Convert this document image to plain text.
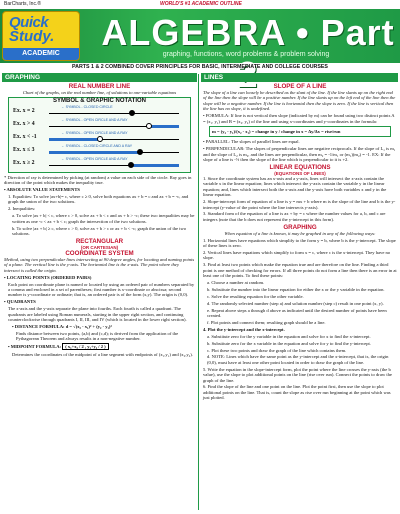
BarCharts, Inc.®	WORLD'S #1 ACADEMIC OUTLINE
Quick
Study.
ACADEMIC
ALGEBRA • Part
graphing, functions, word problems & problem solving
PARTS 1 & 2 COMBINED COVER PRINCIPLES FOR BASIC, INTERMEDIATE AND COLLEGE COURSES
GRAPHING	LINES
REAL NUMBER LINE

Chart of the graphs, on the real number line, of solutions to one-variable equations

SYMBOL & GRAPHIC NOTATION
← SYMBOL - CLOSED CIRCLE
Ex. x = 2
← SYMBOL - OPEN CIRCLE AND A RAY
Ex. x > 4
← SYMBOL - OPEN CIRCLE AND A RAY
Ex. x < -1
← SYMBOL - CLOSED CIRCLE AND A RAY
Ex. x ≤ 3
← SYMBOL - OPEN CIRCLE AND A RAY
Ex. x ≥ 2

* Direction of ray is determined by picking (at random) a value on each side of the circle. Ray goes in direction of the point which makes the inequality true.

• ABSOLUTE VALUE STATEMENTS

1. Equalities: To solve |ax+b|= c, where c ≥ 0, solve both equations ax + b = c and ax + b = -c, and graph the union of the two solutions.

2. Inequalities:

a. To solve |ax + b| < c, where c > 0, solve ax + b < c and ax + b > -c; these two inequalities may be written as one -c < ax + b < c; graph the intersection of the two solutions.

b. To solve |ax + b| ≥ c, where c > 0, solve ax + b > c or ax + b < -c; graph the union of the two solutions.

RECTANGULAR
(OR CARTESIAN)
COORDINATE SYSTEM

Method, using two perpendicular lines intersecting at 90 degree angles, for locating and naming points of a plane. The vertical line is the y-axis. The horizontal line is the x-axis. The point where they intersect is called the origin.

• LOCATING POINTS (ORDERED PAIRS)

Each point on coordinate plane is named or located by using an ordered pair of numbers separated by a comma and enclosed in a set of parentheses; first number is x-coordinate or abscissa; second number is y-coordinate or ordinate; that is, an ordered pair is of the form (x,y). The origin is (0,0).

• QUADRANTS

The x-axis and the y-axis separate the plane into fourths. Each fourth is called a quadrant. The quadrants are labeled using Roman numerals, starting in the upper right section, and continuing counterclockwise through quadrants I, II, III, and IV (which is located in the lower right section).

• DISTANCE FORMULA: d = √(x₂ - x₁)² + (y₂ - y₁)²

Finds distance between two points, (a,b) and (c,d); is derived from the application of the Pythagorean Theorem and always results in a non-negative number.

• MIDPOINT FORMULA: ( x₁+x₂ / 2 , y₁+y₂ / 2 )

Determines the coordinates of the midpoint of a line segment with endpoints of (x₁,y₁) and (x₂,y₂).

SLOPE OF A LINE

The slope of a line can loosely be described as the slant of the line. If the line slants up on the right end of the line then the slope will be a positive number. If the line slants up on the left end of the line then the slope will be a negative number. If the line is horizontal then the slope is zero. If the line is vertical then the line has no slope, it is undefined.

• FORMULA: If line is not vertical then slope (indicated by m) can be found using two distinct points A = (x₁, y₁) and B = (x₂, y₂) of the line and using x-coordinates and y-coordinates in the formula:

m = (y₂ - y₁)/(x₂ - x₁) = change in y / change in x = Δy/Δx = rise/run

• PARALLEL: The slopes of parallel lines are equal.

• PERPENDICULAR: The slopes of perpendicular lines are negative reciprocals. If the slope of L₁ is m₁ and the slope of L₂ is m₂, and the lines are perpendicular, then m₂ = -1/m₁ or (m₁)(m₂) = -1. EX: If the slope of a line is -½ then the slope of the line which is perpendicular to it is +2.

LINEAR EQUATIONS
(EQUATIONS OF LINES)

1. Since the coordinate system has an x-axis and a y-axis, lines will intersect the x-axis contain the variable x in the linear equation; lines which intersect the y-axis contain the variable y in the linear equation; and, lines which intersect both the x-axis and the y-axis have both variables x and y in the linear equation.

2. Slope-intercept form of equation of a line is y = mx + b where m is the slope of the line and b is the y-intercept (y-value of the point where the line intersects y-axis).

3. Standard form of the equation of a line is ax + by = c where the number values for a, b, and c are integers (note that the b does not represent the y-intercept in this form).

GRAPHING

When equation of a line is known, it may be graphed in any of the following ways:

1. Horizontal lines have equations which simplify to the form y = b, where b is the y-intercept. The slope of these lines is zero.

2. Vertical lines have equations which simplify to form x = c, where c is the x-intercept. They have no slope.

3. Find at least two points which make the equation true and are therefore on the line. Finding a third point is one method of checking for errors. If all three points do not form a line then there is an error in at least one of the points. To find these points:

a. Choose a number at random.

b. Substitute the number into the linear equation for either the x or the y variable in the equation.

c. Solve the resulting equation for the other variable.

d. The randomly selected number (step a) and solution number (step c) result in one point (x, y).

e. Repeat above steps a through d above as indicated until the desired number of points have been created.

f. Plot points and connect them; resulting graph should be a line.

4. Plot the y-intercept and the x-intercept.

a. Substitute zero for the y variable in the equation and solve for x to find the x-intercept.

b. Substitute zero for the x variable in the equation and solve for y to find the y-intercept.

c. Plot these two points and draw the graph of the line which contains them.

d. NOTE: Lines which have the same point as the y-intercept and the x-intercept, that is, the origin (0,0), must have at least one other point located in order to draw the graph of the line.

5. Write the equation in the slope-intercept form, plot the point where the line crosses the y-axis (the b value), use the slope to plot additional points on the line (rise over run). Connect the points to draw the graph of the line.

6. Find the slope of the line and one point on the line. Plot the point first, then use the slope to plot additional points on the line. That is, count the slope as rise over run beginning at the point which was just plotted.
